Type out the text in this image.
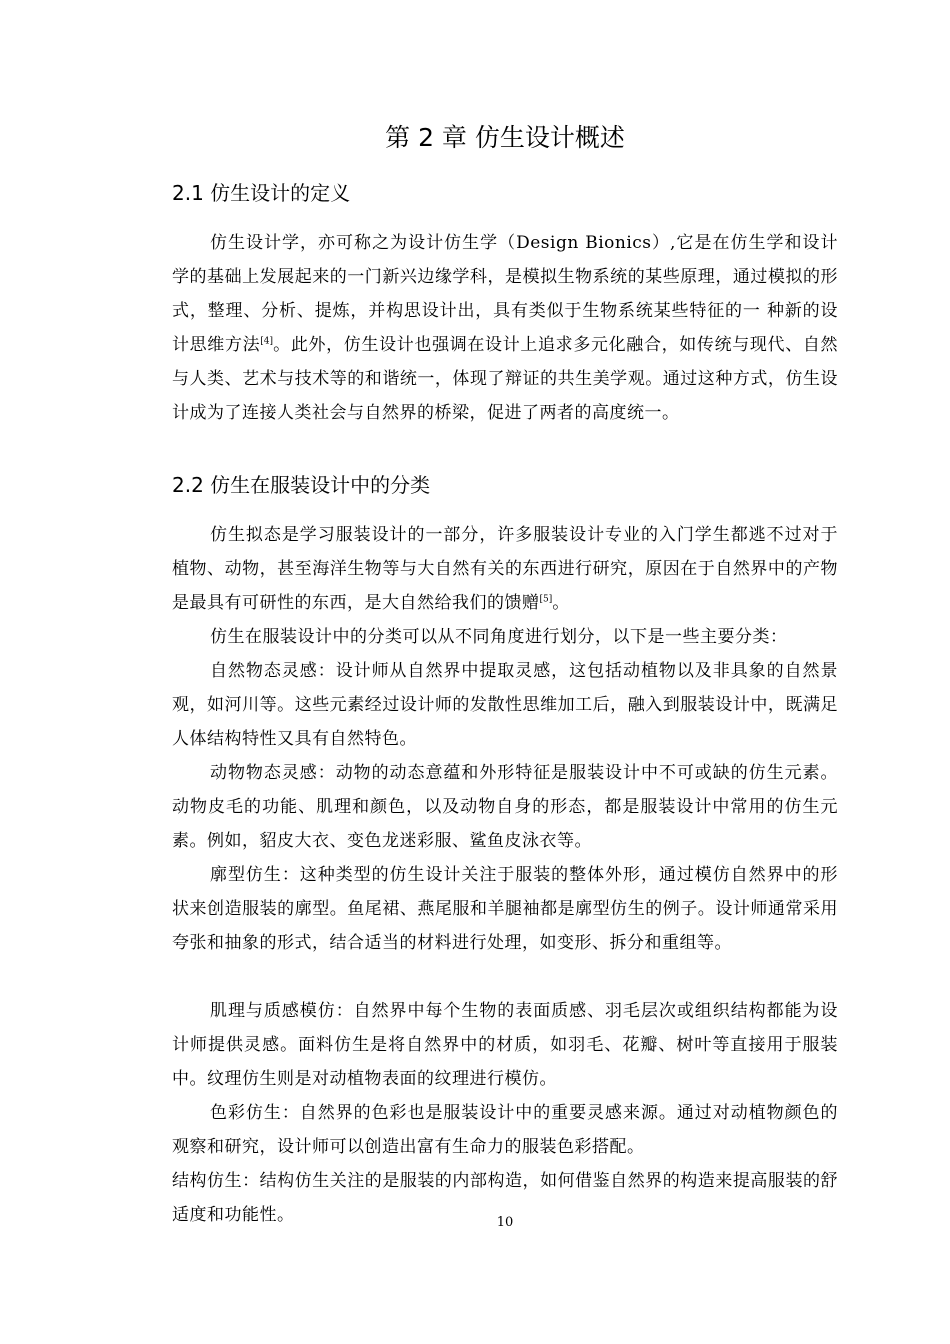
第 2 章 仿生设计概述
2.1 仿生设计的定义

仿生设计学，亦可称之为设计仿生学（Design Bionics）,它是在仿生学和设计学的基础上发展起来的一门新兴边缘学科，是模拟生物系统的某些原理，通过模拟的形式，整理、分析、提炼，并构思设计出，具有类似于生物系统某些特征的一 种新的设计思维方法[4]。此外，仿生设计也强调在设计上追求多元化融合，如传统与现代、自然与人类、艺术与技术等的和谐统一，体现了辩证的共生美学观。通过这种方式，仿生设计成为了连接人类社会与自然界的桥梁，促进了两者的高度统一。

2.2 仿生在服装设计中的分类

仿生拟态是学习服装设计的一部分，许多服装设计专业的入门学生都逃不过对于植物、动物，甚至海洋生物等与大自然有关的东西进行研究，原因在于自然界中的产物是最具有可研性的东西，是大自然给我们的馈赠[5]。

仿生在服装设计中的分类可以从不同角度进行划分，以下是一些主要分类：

自然物态灵感：设计师从自然界中提取灵感，这包括动植物以及非具象的自然景观，如河川等。这些元素经过设计师的发散性思维加工后，融入到服装设计中，既满足人体结构特性又具有自然特色。

动物物态灵感：动物的动态意蕴和外形特征是服装设计中不可或缺的仿生元素。动物皮毛的功能、肌理和颜色，以及动物自身的形态，都是服装设计中常用的仿生元素。例如，貂皮大衣、变色龙迷彩服、鲨鱼皮泳衣等。

廓型仿生：这种类型的仿生设计关注于服装的整体外形，通过模仿自然界中的形状来创造服装的廓型。鱼尾裙、燕尾服和羊腿袖都是廓型仿生的例子。设计师通常采用夸张和抽象的形式，结合适当的材料进行处理，如变形、拆分和重组等。

肌理与质感模仿：自然界中每个生物的表面质感、羽毛层次或组织结构都能为设计师提供灵感。面料仿生是将自然界中的材质，如羽毛、花瓣、树叶等直接用于服装中。纹理仿生则是对动植物表面的纹理进行模仿。

色彩仿生：自然界的色彩也是服装设计中的重要灵感来源。通过对动植物颜色的观察和研究，设计师可以创造出富有生命力的服装色彩搭配。

结构仿生：结构仿生关注的是服装的内部构造，如何借鉴自然界的构造来提高服装的舒适度和功能性。	10
